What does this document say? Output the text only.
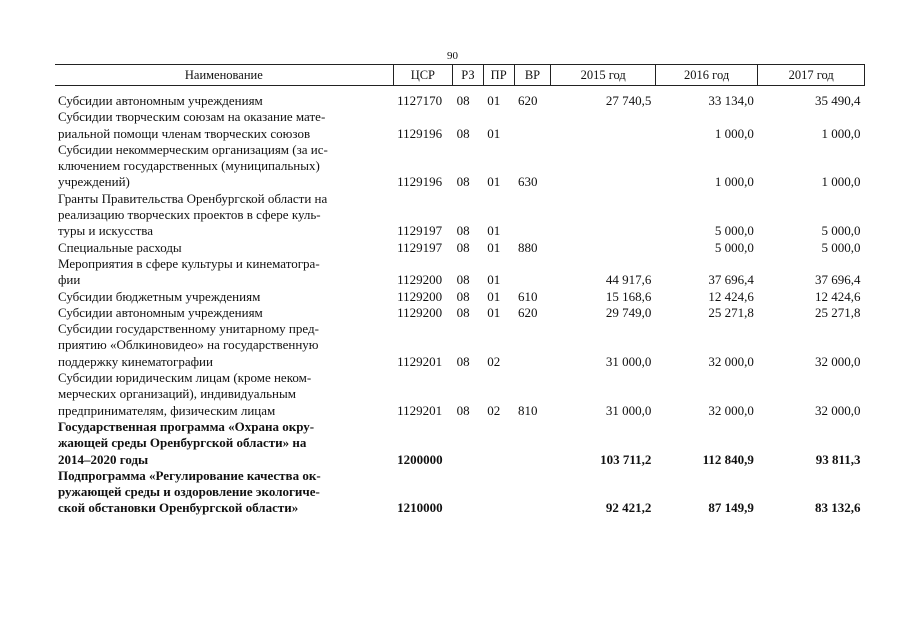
90
Наименование	ЦСР	РЗ	ПР	ВР	2015 год	2016 год	2017 год

Субсидии автономным учреждениям	1127170	08	01	620	27 740,5	33 134,0	35 490,4

Субсидии творческим союзам на оказание мате-
риальной помощи членам творческих союзов	1129196	08	01			1 000,0	1 000,0

Субсидии некоммерческим организациям (за ис-
ключением государственных (муниципальных)
учреждений)	1129196	08	01	630		1 000,0	1 000,0

Гранты Правительства Оренбургской области на
реализацию творческих проектов в сфере куль-
туры и искусства	1129197	08	01			5 000,0	5 000,0

Специальные расходы	1129197	08	01	880		5 000,0	5 000,0

Мероприятия в сфере культуры и кинематогра-
фии	1129200	08	01		44 917,6	37 696,4	37 696,4

Субсидии бюджетным учреждениям	1129200	08	01	610	15 168,6	12 424,6	12 424,6

Субсидии автономным учреждениям	1129200	08	01	620	29 749,0	25 271,8	25 271,8

Субсидии государственному унитарному пред-
приятию «Облкиновидео» на государственную
поддержку кинематографии	1129201	08	02		31 000,0	32 000,0	32 000,0

Субсидии юридическим лицам (кроме неком-
мерческих организаций), индивидуальным
предпринимателям, физическим лицам	1129201	08	02	810	31 000,0	32 000,0	32 000,0

Государственная программа «Охрана окру-
жающей среды Оренбургской области» на
2014–2020 годы	1200000				103 711,2	112 840,9	93 811,3

Подпрограмма «Регулирование качества ок-
ружающей среды и оздоровление экологиче-
ской обстановки Оренбургской области»	1210000				92 421,2	87 149,9	83 132,6
